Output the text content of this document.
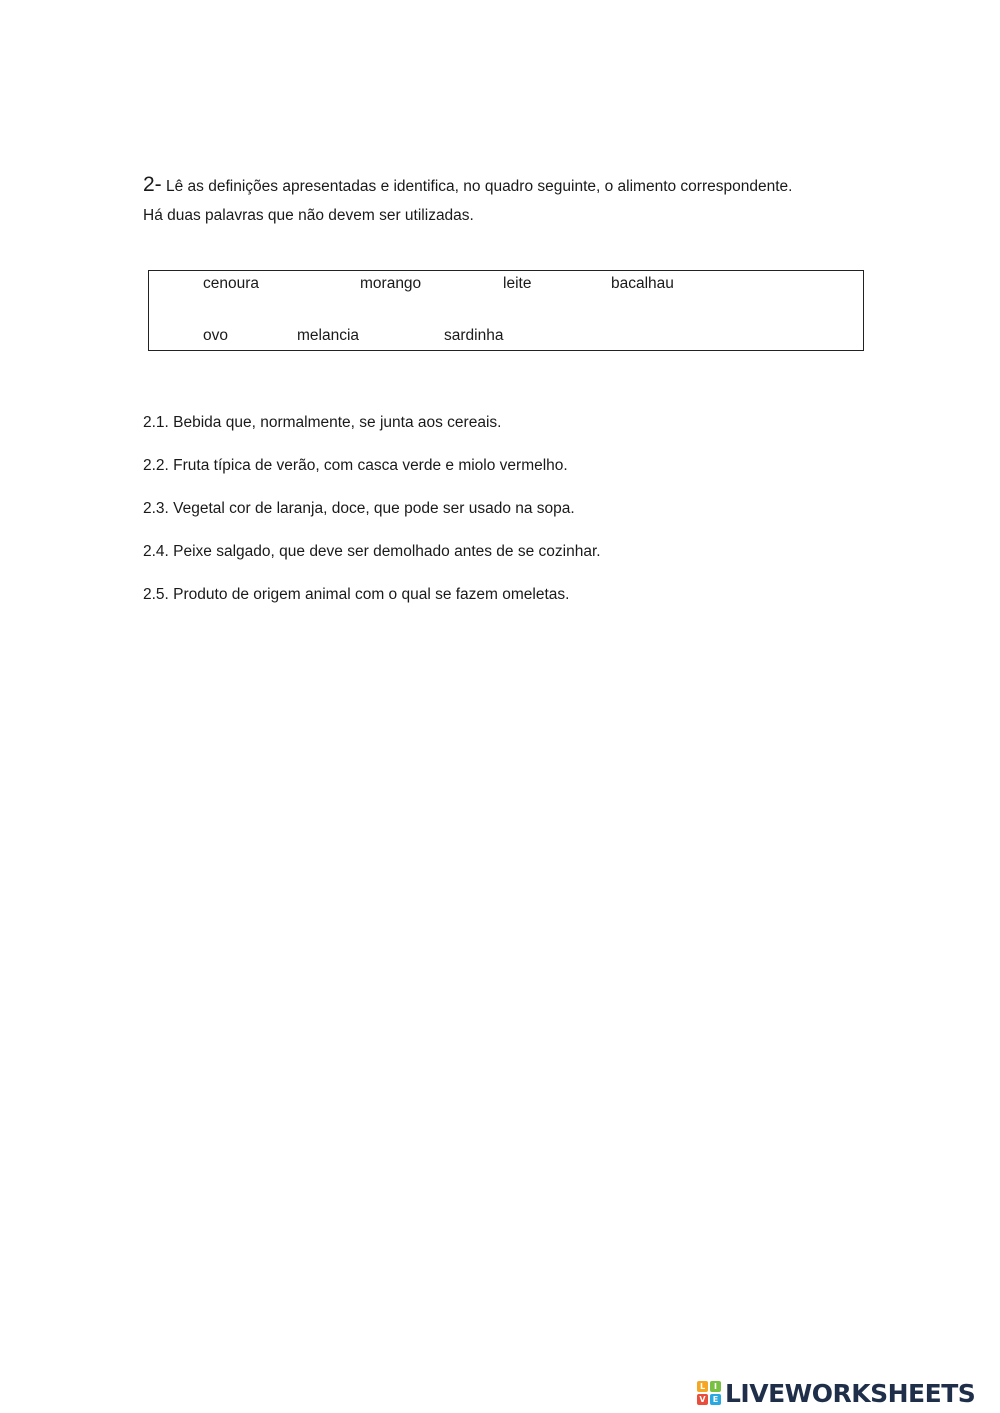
2- Lê as definições apresentadas e identifica, no quadro seguinte, o alimento correspondente.
Há duas palavras que não devem ser utilizadas.
cenoura	morango	leite	bacalhau
ovo	melancia	sardinha
2.1. Bebida que, normalmente, se junta aos cereais.
2.2. Fruta típica de verão, com casca verde e miolo vermelho.
2.3. Vegetal cor de laranja, doce, que pode ser usado na sopa.
2.4. Peixe salgado, que deve ser demolhado antes de se cozinhar.
2.5. Produto de origem animal com o qual se fazem omeletas.
L	I
V E LIVEWORKSHEETS
